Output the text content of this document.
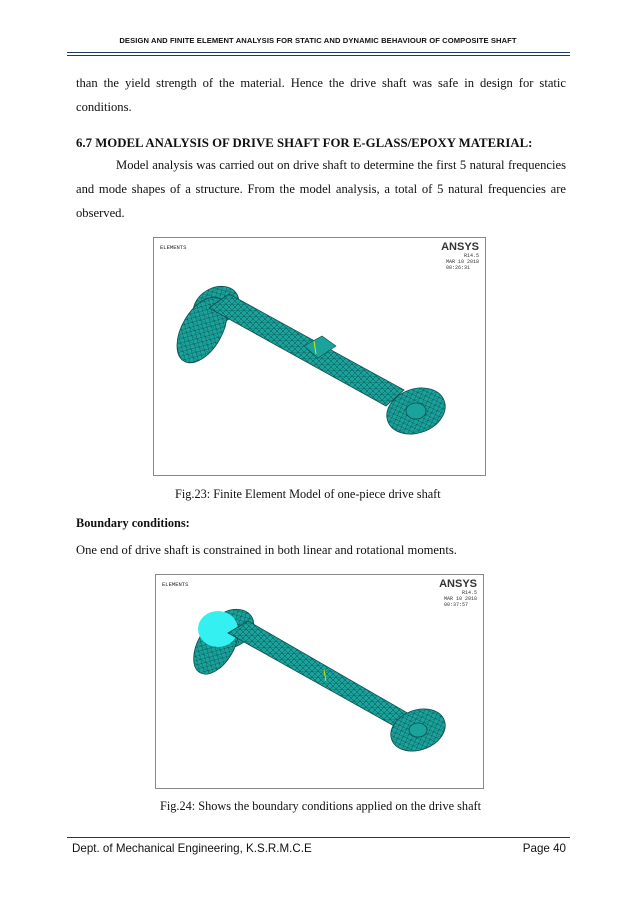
DESIGN AND FINITE ELEMENT ANALYSIS FOR STATIC AND DYNAMIC BEHAVIOUR OF COMPOSITE SHAFT

than the yield strength of the material. Hence the drive shaft was safe in design for static conditions.

6.7 MODEL ANALYSIS OF DRIVE SHAFT FOR E-GLASS/EPOXY MATERIAL:

Model analysis was carried out on drive shaft to determine the first 5 natural frequencies and mode shapes of a structure. From the model analysis, a total of 5 natural frequencies are observed.

ELEMENTS	ANSYS
R14.5
MAR 10 2018
00:26:31
Fig.23: Finite Element Model of one-piece drive shaft
Boundary conditions:
One end of drive shaft is constrained in both linear and rotational moments.
ELEMENTS	ANSYS
R14.5
MAR 10 2018
00:37:57
Fig.24: Shows the boundary conditions applied on the drive shaft
Dept. of Mechanical Engineering, K.S.R.M.C.E	Page 40
